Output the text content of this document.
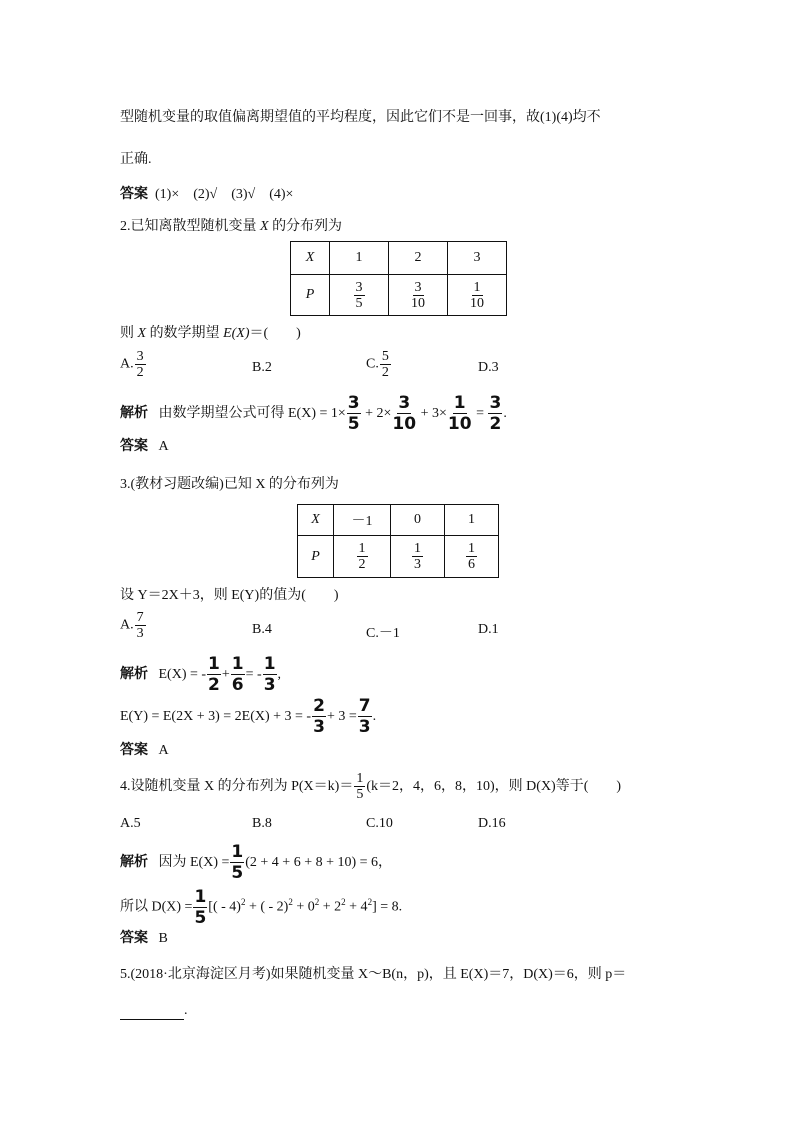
型随机变量的取值偏离期望值的平均程度，因此它们不是一回事，故(1)(4)均不
正确.
答案 (1)×　(2)√　(3)√　(4)×
2.已知离散型随机变量 X 的分布列为
X	1	2	3
P	$\frac{3}{5}$	$\frac{3}{10}$	$\frac{1}{10}$
则 X 的数学期望 E(X)＝(　　)
A. $\frac{3}{2}$	B.2	C. $\frac{5}{2}$	D.3
解析 由数学期望公式可得 $E(X) = 1\times \frac{3}{5} + 2\times \frac{3}{10} + 3\times \frac{1}{10} = \frac{3}{2}$ .
答案 A
3.(教材习题改编)已知 X 的分布列为
X	－1	0	1
P	$\frac{1}{2}$	$\frac{1}{3}$	$\frac{1}{6}$
设 Y＝2X＋3，则 E(Y)的值为(　　)
A. $\frac{7}{3}$	B.4	C.－1	D.1
解析 E(X) = - $\frac{1}{2} + \frac{1}{6}$ = - $\frac{1}{3}$ ,
E(Y) = E(2X + 3) = 2E(X) + 3 = - $\frac{2}{3} + 3 = \frac{7}{3}$ .
答案 A
4.设随机变量 X 的分布列为 $P(X=k)= \frac{1}{5} (k=2$，4，6，8，10)，则 D(X)等于(　　)
A.5	B.8	C.10	D.16
解析 因为 $E(X) = \frac{1}{5} (2 + 4 + 6 + 8 + 10) = 6$，
所以 $D(X) = \frac{1}{5}$ [( - 4)$^2$ + ( - $2)^2 + 0^2 + 2^2 + 4^2] = 8$.
答案 B
5.(2018·北京海淀区月考)如果随机变量 X～B(n，p)，且 E(X)＝7，D(X)＝6，则 p＝
.
